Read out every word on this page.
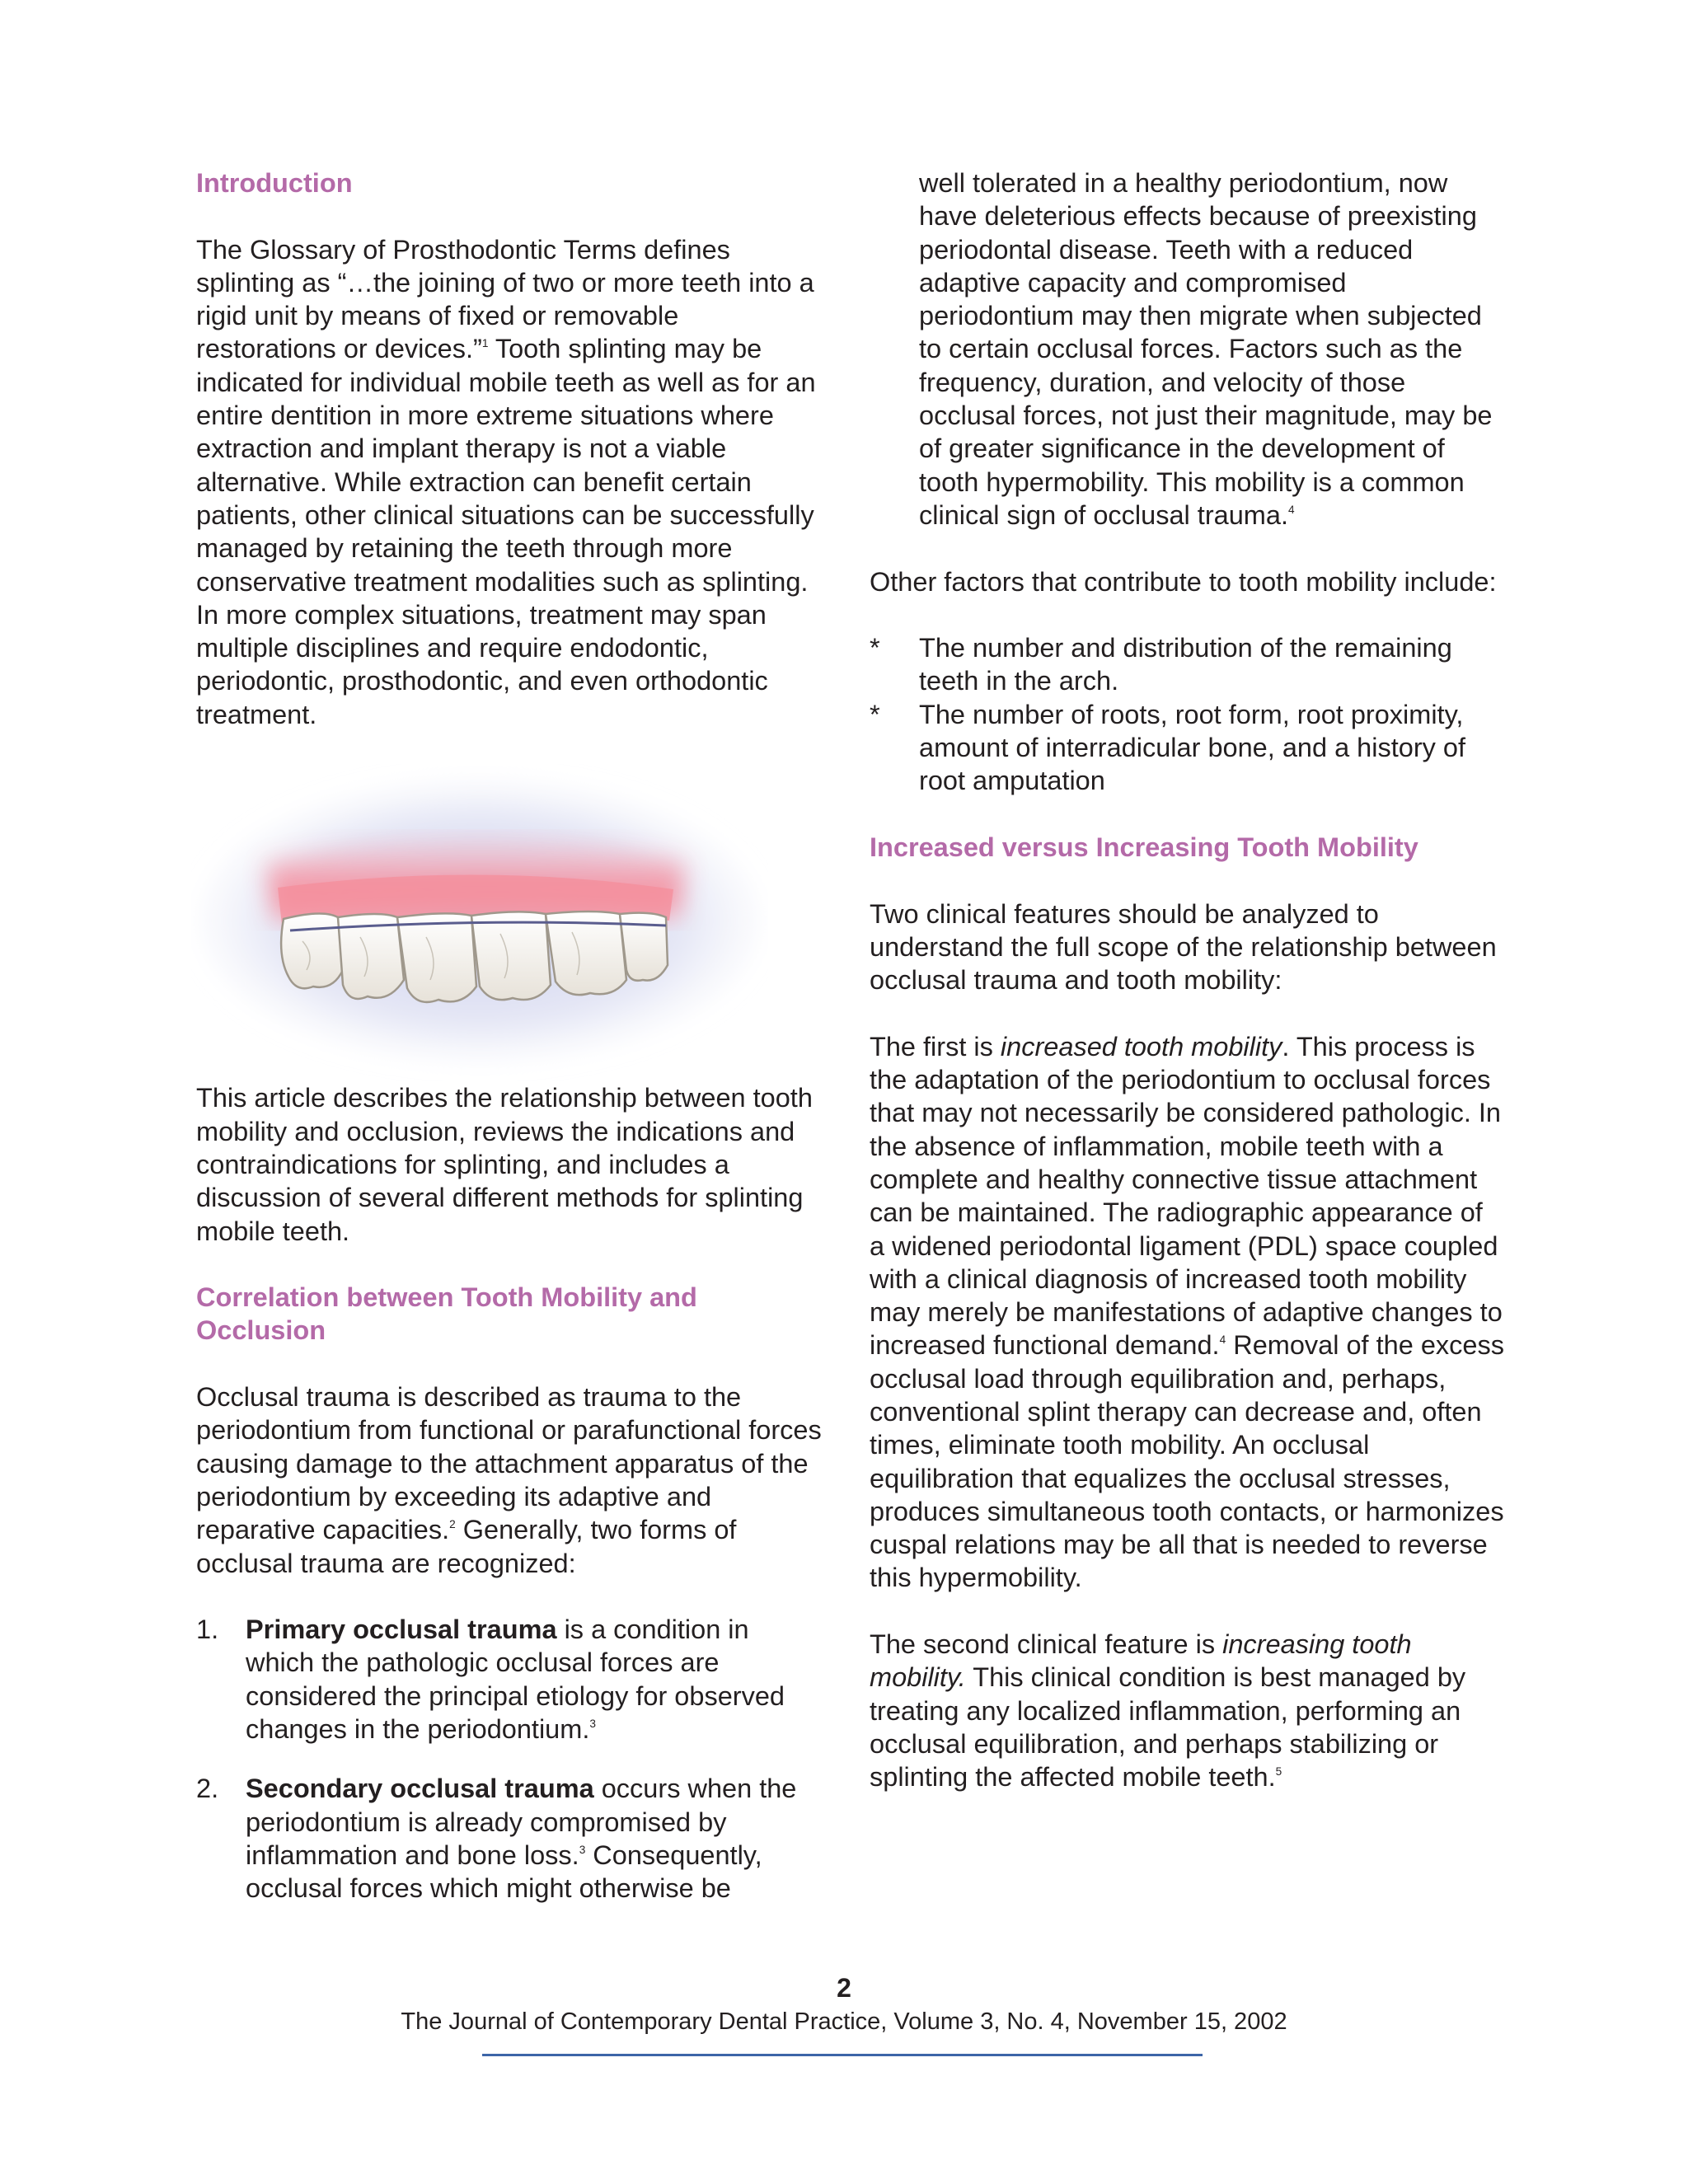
Introduction

The Glossary of Prosthodontic Terms defines splinting as “…the joining of two or more teeth into a rigid unit by means of fixed or removable restorations or devices.”$^1$ Tooth splinting may be indicated for individual mobile teeth as well as for an entire dentition in more extreme situations where extraction and implant therapy is not a viable alternative. While extraction can benefit certain patients, other clinical situations can be successfully managed by retaining the teeth through more conservative treatment modalities such as splinting. In more complex situations, treatment may span multiple disciplines and require endodontic, periodontic, prosthodontic, and even orthodontic treatment.

This article describes the relationship between tooth mobility and occlusion, reviews the indications and contraindications for splinting, and includes a discussion of several different methods for splinting mobile teeth.

Correlation between Tooth Mobility and Occlusion

Occlusal trauma is described as trauma to the periodontium from functional or parafunctional forces causing damage to the attachment apparatus of the periodontium by exceeding its adaptive and reparative capacities.$^2$ Generally, two forms of occlusal trauma are recognized:

1. Primary occlusal trauma is a condition in which the pathologic occlusal forces are considered the principal etiology for observed changes in the periodontium.$^3$
2. Secondary occlusal trauma occurs when the periodontium is already compromised by inflammation and bone loss.$^3$ Consequently, occlusal forces which might otherwise be

well tolerated in a healthy periodontium, now have deleterious effects because of preexisting periodontal disease. Teeth with a reduced adaptive capacity and compromised periodontium may then migrate when subjected to certain occlusal forces. Factors such as the frequency, duration, and velocity of those occlusal forces, not just their magnitude, may be of greater significance in the development of tooth hypermobility. This mobility is a common clinical sign of occlusal trauma.$^4$

Other factors that contribute to tooth mobility include:

* The number and distribution of the remaining teeth in the arch.
* The number of roots, root form, root proximity, amount of interradicular bone, and a history of root amputation
Increased versus Increasing Tooth Mobility

Two clinical features should be analyzed to understand the full scope of the relationship between occlusal trauma and tooth mobility:

The first is increased tooth mobility. This process is the adaptation of the periodontium to occlusal forces that may not necessarily be considered pathologic. In the absence of inflammation, mobile teeth with a complete and healthy connective tissue attachment can be maintained. The radiographic appearance of a widened periodontal ligament (PDL) space coupled with a clinical diagnosis of increased tooth mobility may merely be manifestations of adaptive changes to increased functional demand.$^4$ Removal of the excess occlusal load through equilibration and, perhaps, conventional splint therapy can decrease and, often times, eliminate tooth mobility. An occlusal equilibration that equalizes the occlusal stresses, produces simultaneous tooth contacts, or harmonizes cuspal relations may be all that is needed to reverse this hypermobility.

The second clinical feature is increasing tooth mobility. This clinical condition is best managed by treating any localized inflammation, performing an occlusal equilibration, and perhaps stabilizing or splinting the affected mobile teeth.$^5$

2
The Journal of Contemporary Dental Practice, Volume 3, No. 4, November 15, 2002
